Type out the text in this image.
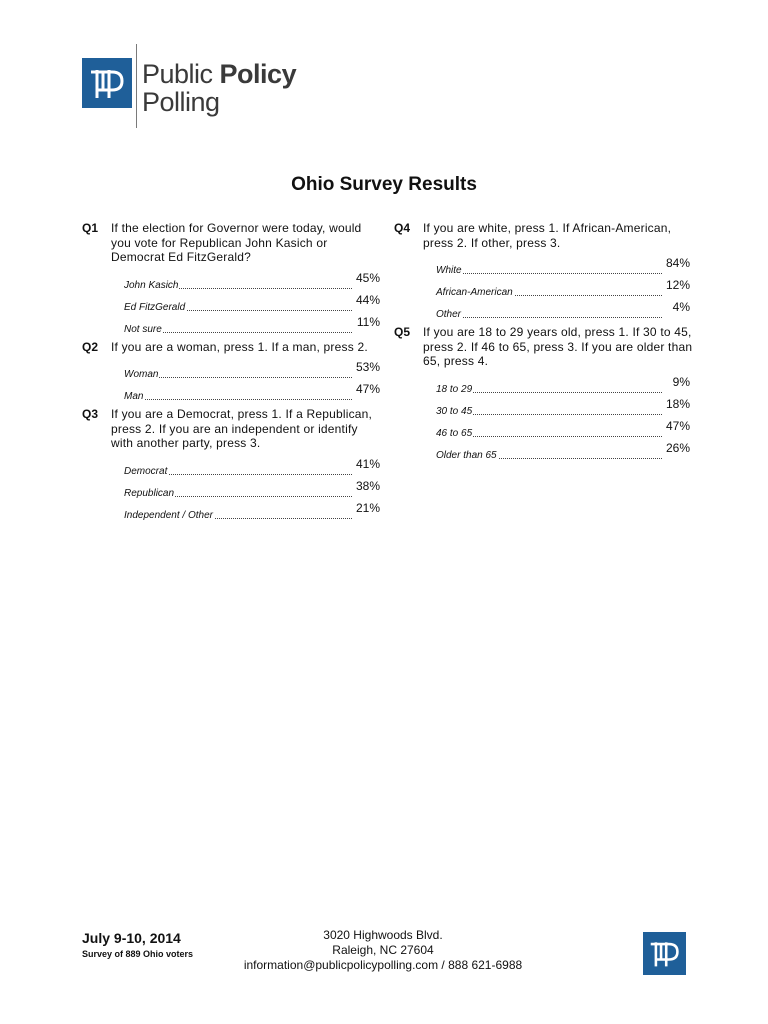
Public Policy
Polling
Ohio Survey Results
Q1 If the election for Governor were today, would you vote for Republican John Kasich or Democrat Ed FitzGerald?
John Kasich
45%
Ed FitzGerald
44%
Not sure
11%
Q2 If you are a woman, press 1. If a man, press 2.
Woman
53%
Man
47%
Q3 If you are a Democrat, press 1. If a Republican, press 2. If you are an independent or identify with another party, press 3.
Democrat
41%
Republican
38%
Independent / Other
21%
Q4 If you are white, press 1. If African-American, press 2. If other, press 3.
White
84%
African-American
12%
Other
4%
Q5 If you are 18 to 29 years old, press 1. If 30 to 45, press 2. If 46 to 65, press 3. If you are older than 65, press 4.
18 to 29
9%
30 to 45
18%
46 to 65
47%
Older than 65
26%
July 9-10, 2014
Survey of 889 Ohio voters
3020 Highwoods Blvd.
Raleigh, NC 27604
information@publicpolicypolling.com / 888 621-6988
